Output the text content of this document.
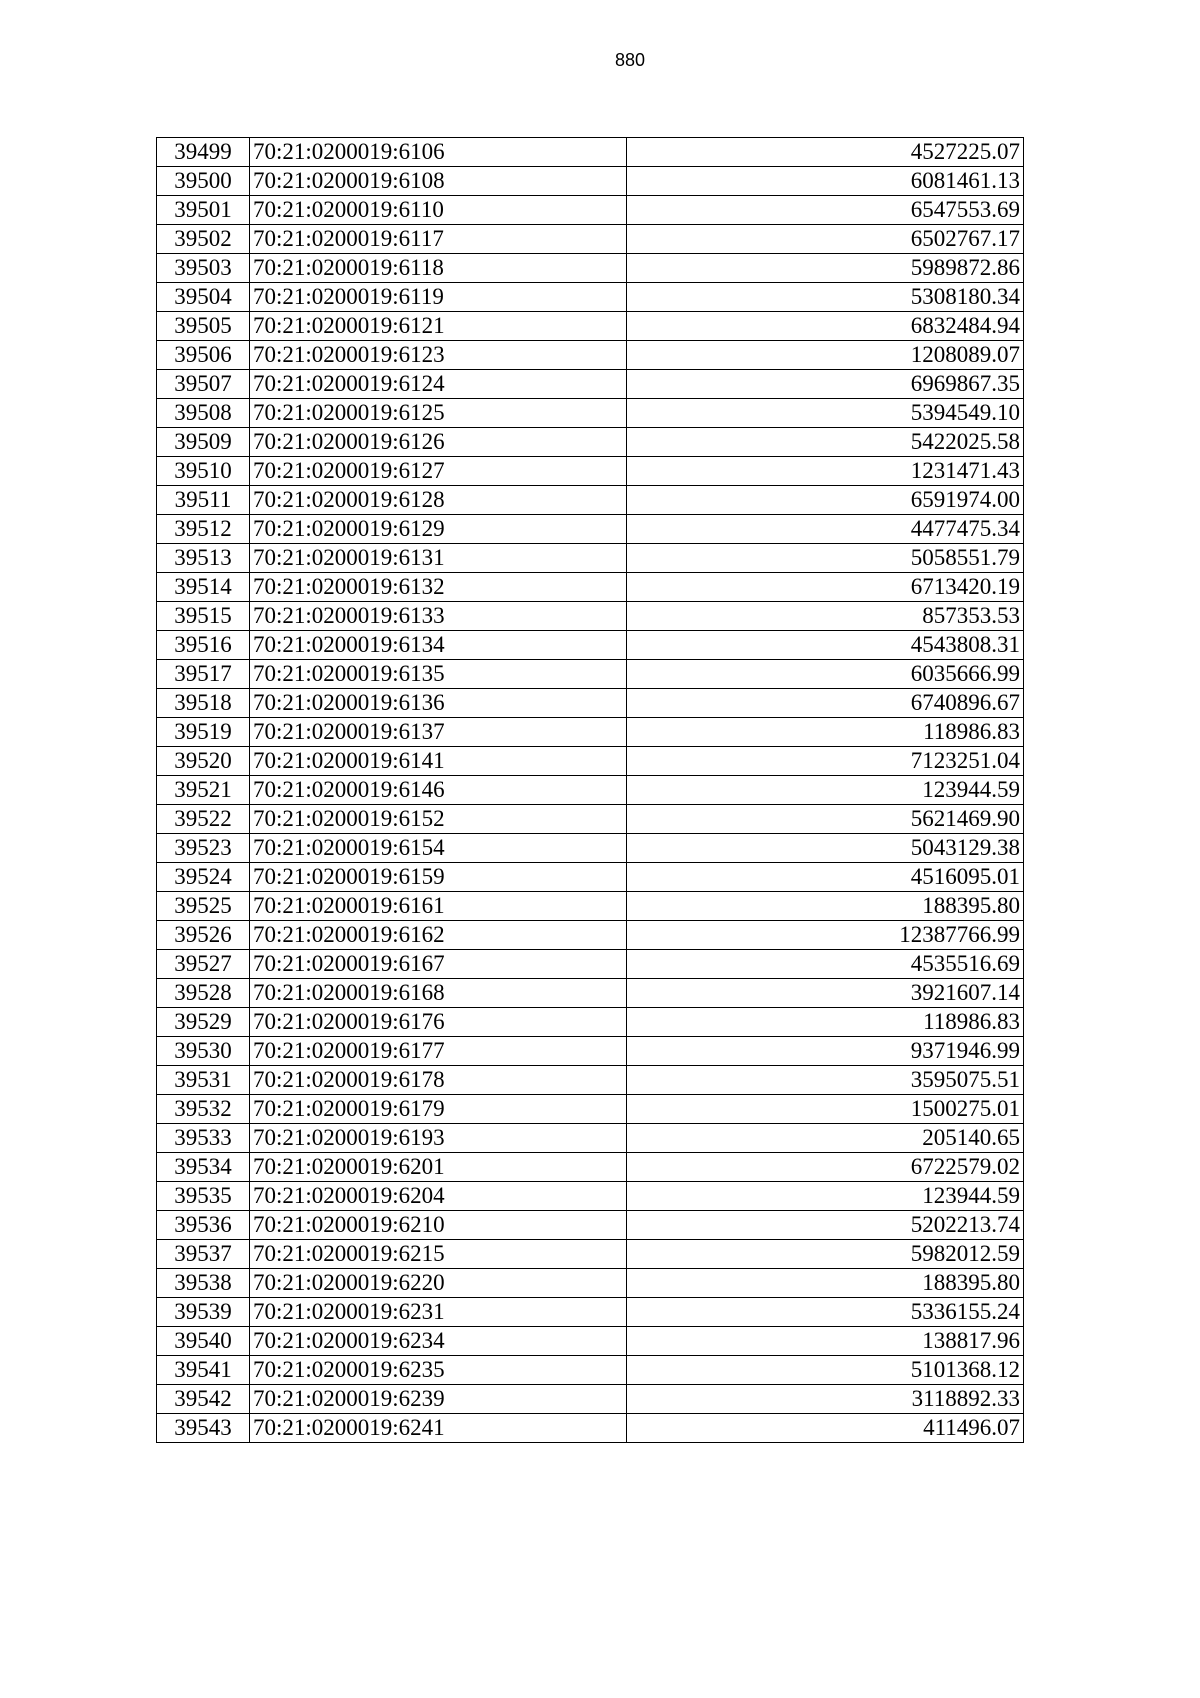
880
39499	70:21:0200019:6106	4527225.07
39500	70:21:0200019:6108	6081461.13
39501	70:21:0200019:6110	6547553.69
39502	70:21:0200019:6117	6502767.17
39503	70:21:0200019:6118	5989872.86
39504	70:21:0200019:6119	5308180.34
39505	70:21:0200019:6121	6832484.94
39506	70:21:0200019:6123	1208089.07
39507	70:21:0200019:6124	6969867.35
39508	70:21:0200019:6125	5394549.10
39509	70:21:0200019:6126	5422025.58
39510	70:21:0200019:6127	1231471.43
39511	70:21:0200019:6128	6591974.00
39512	70:21:0200019:6129	4477475.34
39513	70:21:0200019:6131	5058551.79
39514	70:21:0200019:6132	6713420.19
39515	70:21:0200019:6133	857353.53
39516	70:21:0200019:6134	4543808.31
39517	70:21:0200019:6135	6035666.99
39518	70:21:0200019:6136	6740896.67
39519	70:21:0200019:6137	118986.83
39520	70:21:0200019:6141	7123251.04
39521	70:21:0200019:6146	123944.59
39522	70:21:0200019:6152	5621469.90
39523	70:21:0200019:6154	5043129.38
39524	70:21:0200019:6159	4516095.01
39525	70:21:0200019:6161	188395.80
39526	70:21:0200019:6162	12387766.99
39527	70:21:0200019:6167	4535516.69
39528	70:21:0200019:6168	3921607.14
39529	70:21:0200019:6176	118986.83
39530	70:21:0200019:6177	9371946.99
39531	70:21:0200019:6178	3595075.51
39532	70:21:0200019:6179	1500275.01
39533	70:21:0200019:6193	205140.65
39534	70:21:0200019:6201	6722579.02
39535	70:21:0200019:6204	123944.59
39536	70:21:0200019:6210	5202213.74
39537	70:21:0200019:6215	5982012.59
39538	70:21:0200019:6220	188395.80
39539	70:21:0200019:6231	5336155.24
39540	70:21:0200019:6234	138817.96
39541	70:21:0200019:6235	5101368.12
39542	70:21:0200019:6239	3118892.33
39543	70:21:0200019:6241	411496.07
